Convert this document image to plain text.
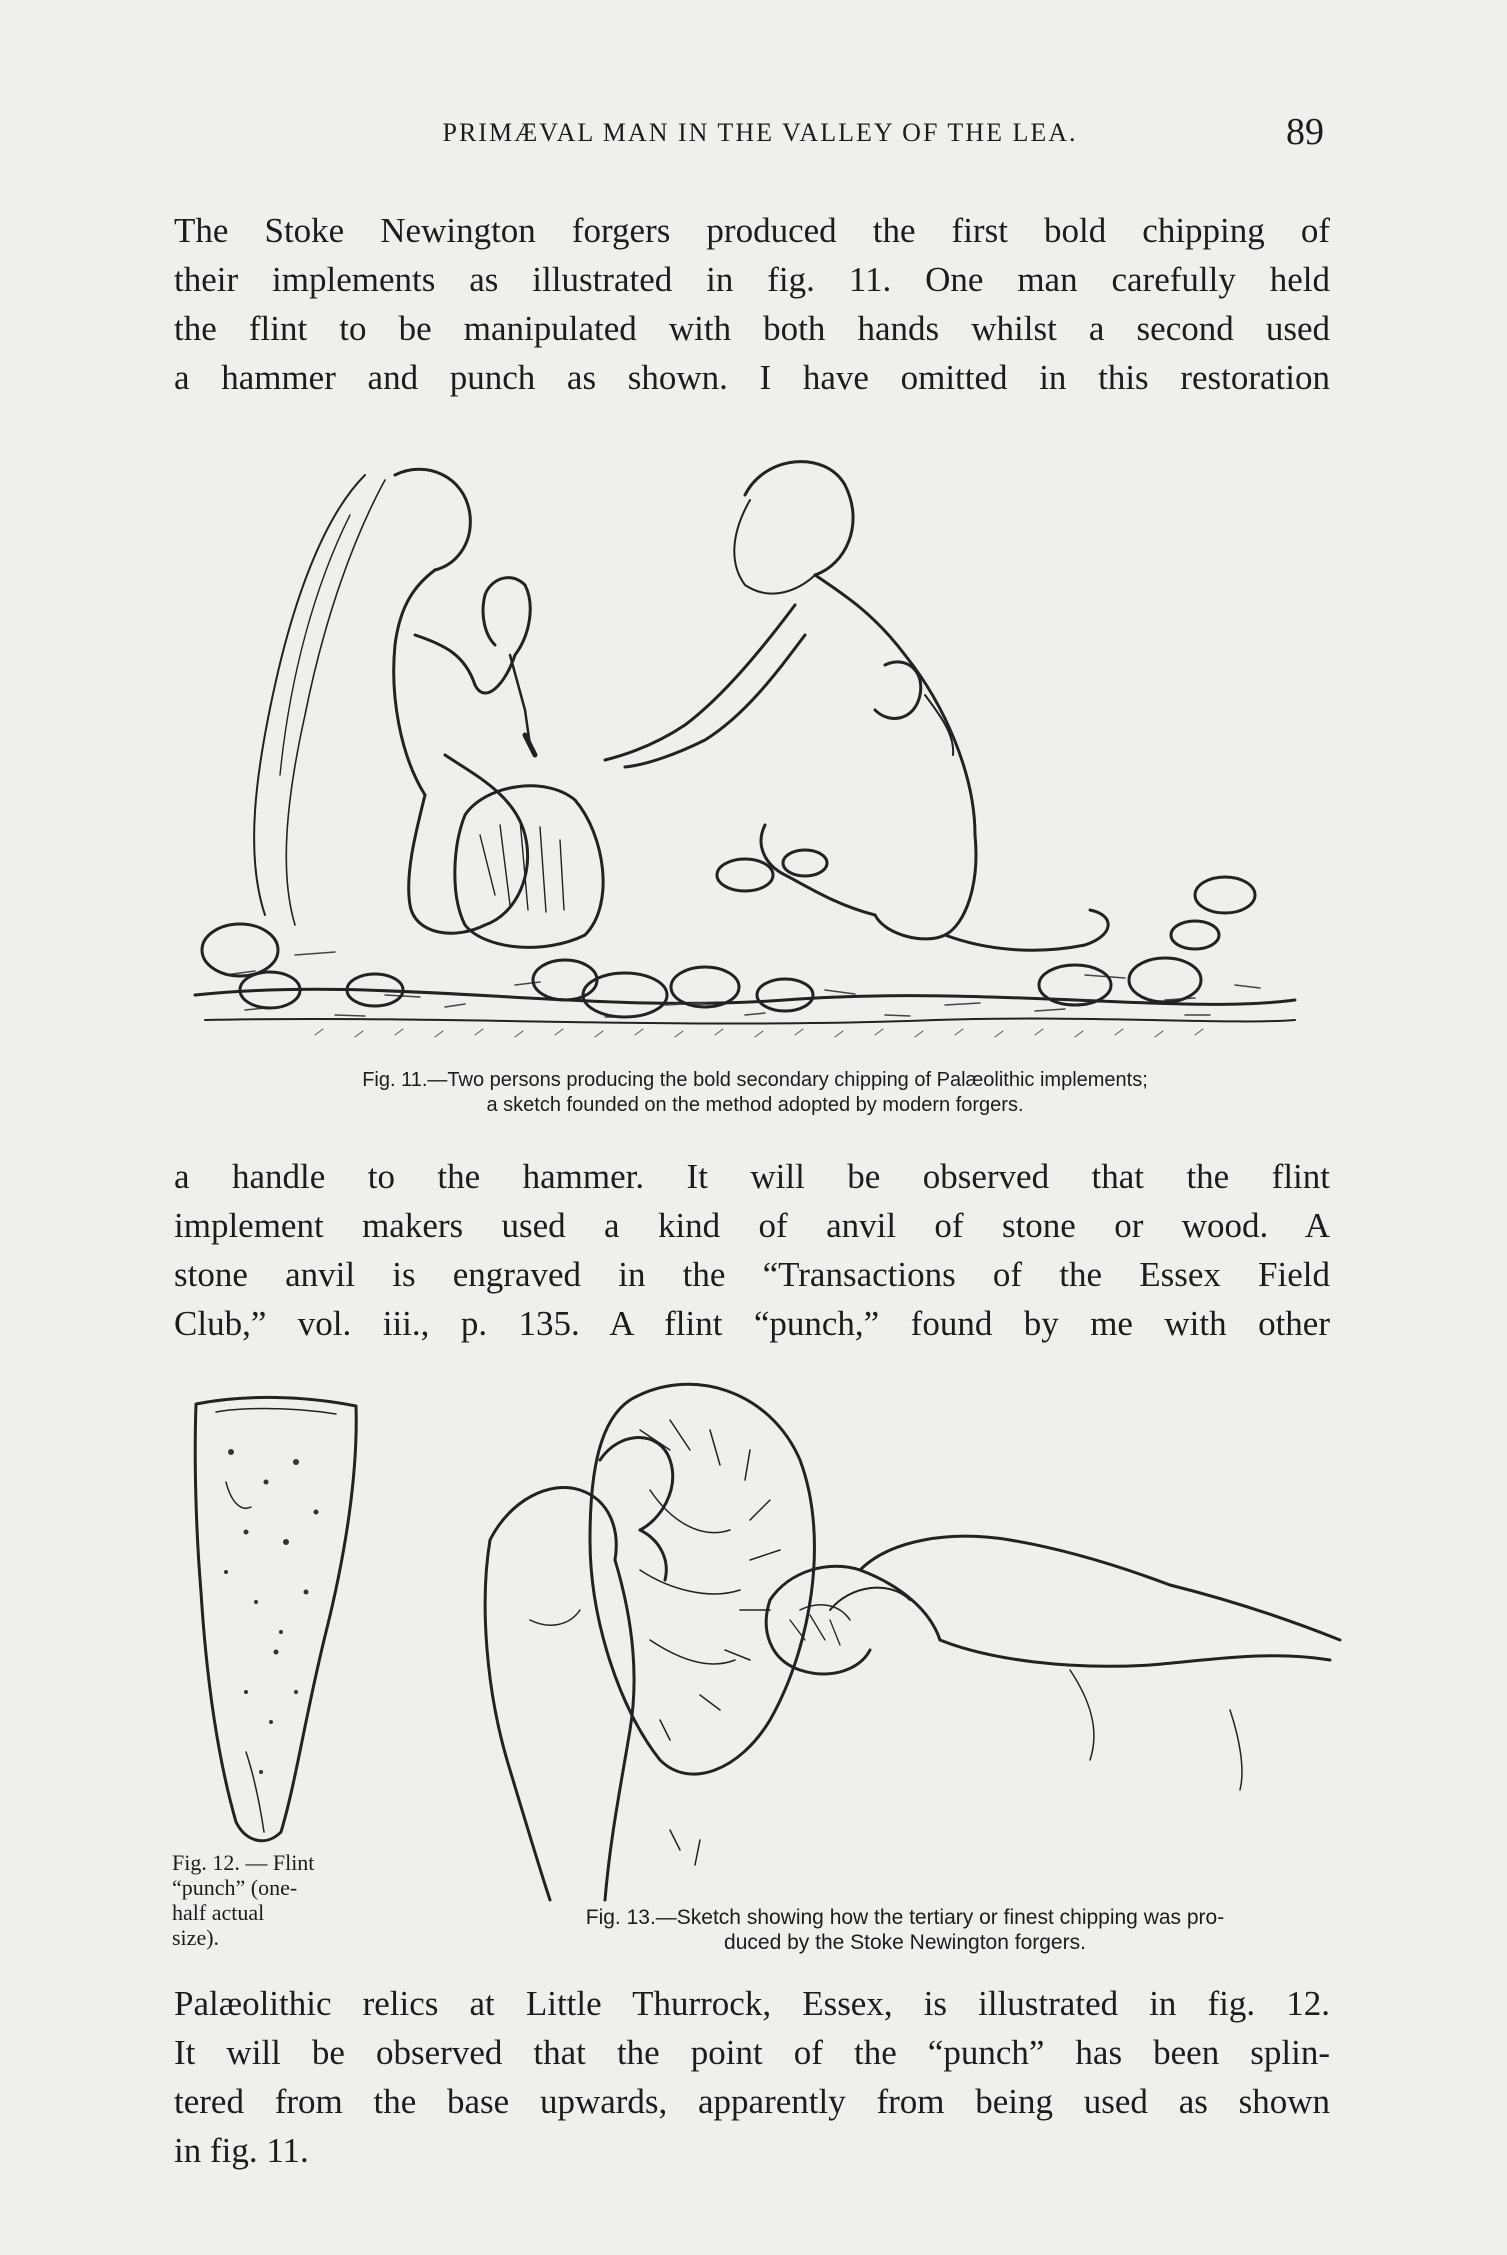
PRIMÆVAL MAN IN THE VALLEY OF THE LEA.	89
The Stoke Newington forgers produced the first bold chipping of
their implements as illustrated in fig. 11. One man carefully held
the flint to be manipulated with both hands whilst a second used
a hammer and punch as shown. I have omitted in this restoration
Fig. 11.—Two persons producing the bold secondary chipping of Palæolithic implements;
a sketch founded on the method adopted by modern forgers.
a handle to the hammer. It will be observed that the flint
implement makers used a kind of anvil of stone or wood. A
stone anvil is engraved in the “Transactions of the Essex Field
Club,” vol. iii., p. 135. A flint “punch,” found by me with other
Fig. 12. — Flint
“punch” (one-
half actual
size).
Fig. 13.—Sketch showing how the tertiary or finest chipping was pro-
duced by the Stoke Newington forgers.
Palæolithic relics at Little Thurrock, Essex, is illustrated in fig. 12.
It will be observed that the point of the “punch” has been splin-
tered from the base upwards, apparently from being used as shown
in fig. 11.
